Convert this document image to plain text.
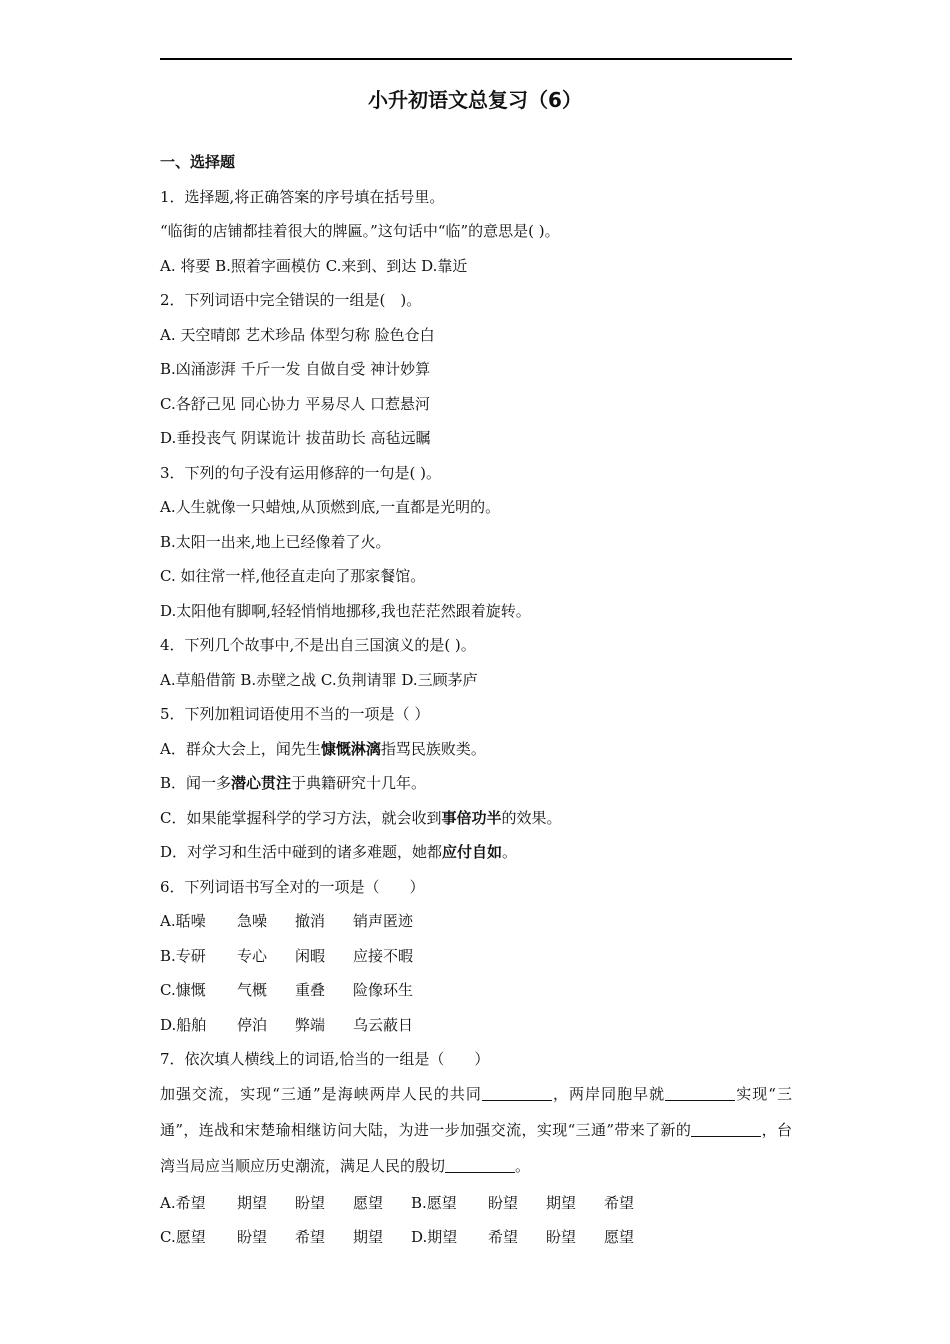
小升初语文总复习（6）
一、选择题
1．选择题,将正确答案的序号填在括号里。
“临街的店铺都挂着很大的牌匾。”这句话中“临”的意思是( )。
A. 将要 B.照着字画模仿 C.来到、到达 D.靠近
2．下列词语中完全错误的一组是(　)。
A. 天空晴郎 艺术珍品 体型匀称 脸色仓白
B.凶涌澎湃 千斤一发 自做自受 神计妙算
C.各舒己见 同心协力 平易尽人 口惹悬河
D.垂投丧气 阴谋诡计 拔苗助长 高毡远瞩
3．下列的句子没有运用修辞的一句是( )。
A.人生就像一只蜡烛,从顶燃到底,一直都是光明的。
B.太阳一出来,地上已经像着了火。
C. 如往常一样,他径直走向了那家餐馆。
D.太阳他有脚啊,轻轻悄悄地挪移,我也茫茫然跟着旋转。
4．下列几个故事中,不是出自三国演义的是( )。
A.草船借箭 B.赤壁之战 C.负荆请罪 D.三顾茅庐
5．下列加粗词语使用不当的一项是（ ）
A．群众大会上，闻先生慷慨淋漓指骂民族败类。
B．闻一多潜心贯注于典籍研究十几年。
C．如果能掌握科学的学习方法，就会收到事倍功半的效果。
D．对学习和生活中碰到的诸多难题，她都应付自如。
6．下列词语书写全对的一项是（　　）
A.聒噪 急噪 撤消 销声匿迹
B.专研 专心 闲暇 应接不暇
C.慷慨 气概 重叠 险像环生
D.船舶 停泊 弊端 乌云蔽日
7．依次填人横线上的词语,恰当的一组是（　　）
加强交流，实现“三通”是海峡两岸人民的共同	，两岸同胞早就	实现“三通”，连战和宋楚瑜相继访问大陆，为进一步加强交流，实现“三通”带来了新的	，台湾当局应当顺应历史潮流，满足人民的殷切	。
A.希望 期望 盼望 愿望 B.愿望 盼望 期望 希望
C.愿望 盼望 希望 期望 D.期望 希望 盼望 愿望
